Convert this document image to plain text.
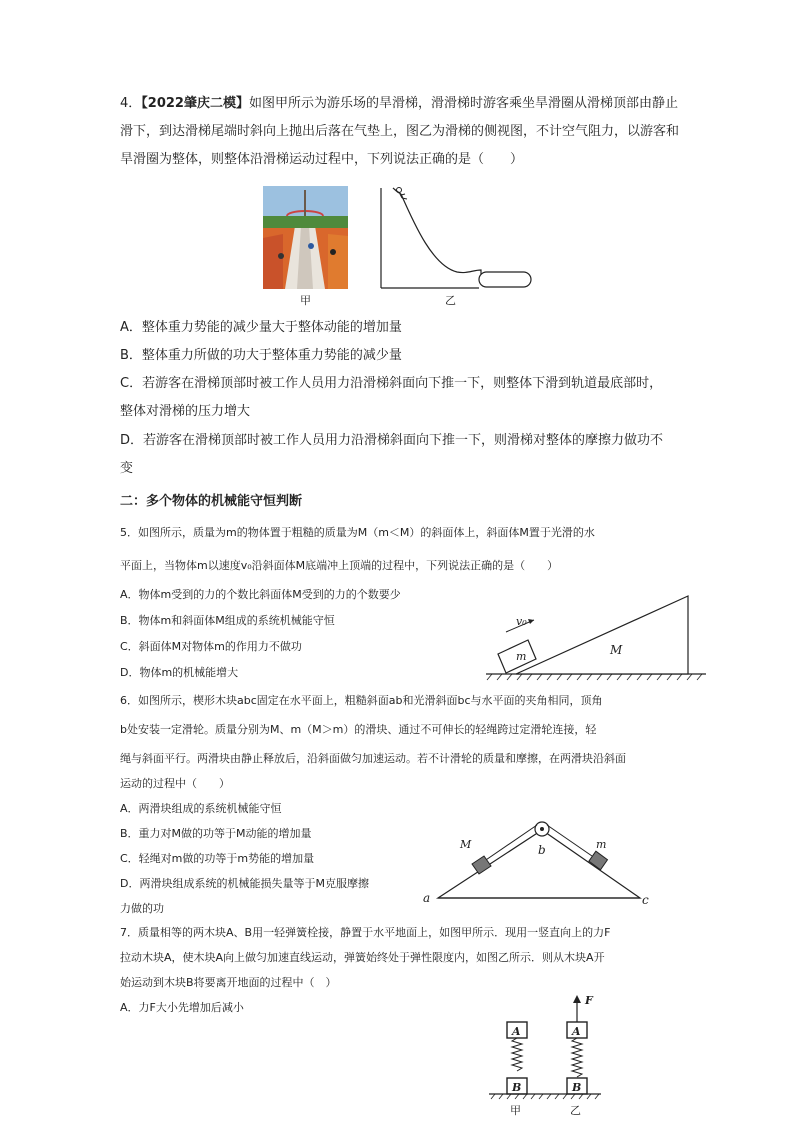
4．【2022肇庆二模】如图甲所示为游乐场的旱滑梯，滑滑梯时游客乘坐旱滑圈从滑梯顶部由静止滑下，到达滑梯尾端时斜向上抛出后落在气垫上，图乙为滑梯的侧视图，不计空气阻力，以游客和旱滑圈为整体，则整体沿滑梯运动过程中，下列说法正确的是（　　）
甲	乙
A．整体重力势能的减少量大于整体动能的增加量
B．整体重力所做的功大于整体重力势能的减少量
C．若游客在滑梯顶部时被工作人员用力沿滑梯斜面向下推一下，则整体下滑到轨道最底部时，整体对滑梯的压力增大
D．若游客在滑梯顶部时被工作人员用力沿滑梯斜面向下推一下，则滑梯对整体的摩擦力做功不变
二：多个物体的机械能守恒判断
5．如图所示，质量为m的物体置于粗糙的质量为M（m＜M）的斜面体上，斜面体M置于光滑的水
平面上，当物体m以速度v₀沿斜面体M底端冲上顶端的过程中，下列说法正确的是（　　）
A．物体m受到的力的个数比斜面体M受到的力的个数要少
B．物体m和斜面体M组成的系统机械能守恒
C．斜面体M对物体m的作用力不做功
D．物体m的机械能增大
m	M
v₀
6．如图所示，楔形木块abc固定在水平面上，粗糙斜面ab和光滑斜面bc与水平面的夹角相同，顶角
b处安装一定滑轮。质量分别为M、m（M＞m）的滑块、通过不可伸长的轻绳跨过定滑轮连接，轻
绳与斜面平行。两滑块由静止释放后，沿斜面做匀加速运动。若不计滑轮的质量和摩擦，在两滑块沿斜面
运动的过程中（　　）
A．两滑块组成的系统机械能守恒
B．重力对M做的功等于M动能的增加量
C．轻绳对m做的功等于m势能的增加量
D．两滑块组成系统的机械能损失量等于M克服摩擦
力做的功
M	m
b
a	c
7．质量相等的两木块A、B用一轻弹簧栓接，静置于水平地面上，如图甲所示．现用一竖直向上的力F
拉动木块A，使木块A向上做匀加速直线运动，弹簧始终处于弹性限度内，如图乙所示．则从木块A开
始运动到木块B将要离开地面的过程中（　）
A．力F大小先增加后减小
A
B
A
B
F
甲	乙
